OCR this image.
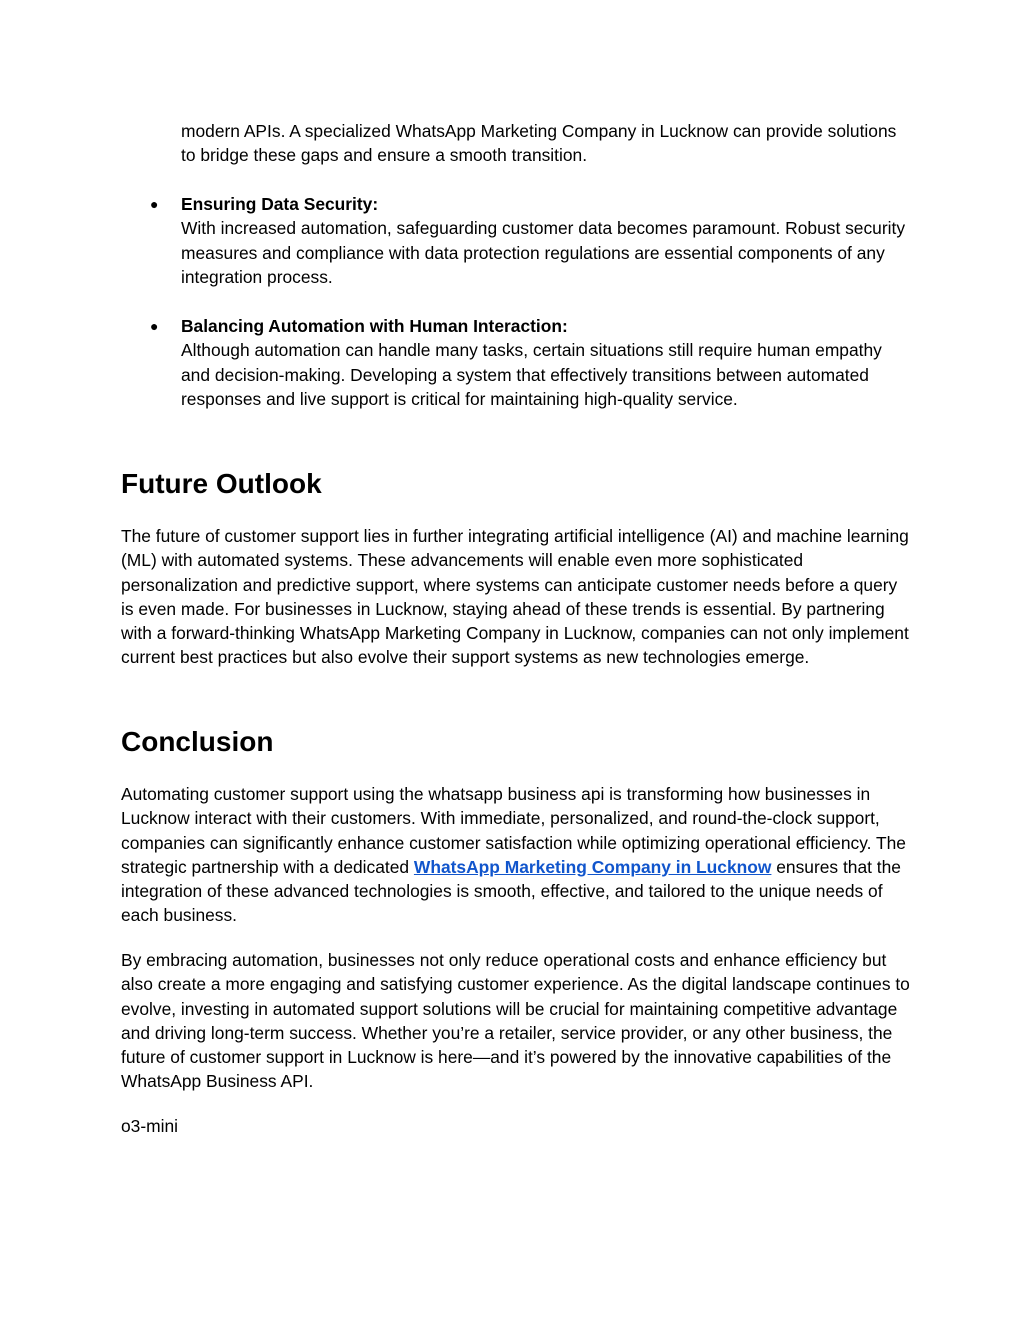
modern APIs. A specialized WhatsApp Marketing Company in Lucknow can provide solutions to bridge these gaps and ensure a smooth transition.

● Ensuring Data Security:
With increased automation, safeguarding customer data becomes paramount. Robust security measures and compliance with data protection regulations are essential components of any integration process.
● Balancing Automation with Human Interaction:
Although automation can handle many tasks, certain situations still require human empathy and decision-making. Developing a system that effectively transitions between automated responses and live support is critical for maintaining high-quality service.
Future Outlook

The future of customer support lies in further integrating artificial intelligence (AI) and machine learning (ML) with automated systems. These advancements will enable even more sophisticated personalization and predictive support, where systems can anticipate customer needs before a query is even made. For businesses in Lucknow, staying ahead of these trends is essential. By partnering with a forward-thinking WhatsApp Marketing Company in Lucknow, companies can not only implement current best practices but also evolve their support systems as new technologies emerge.

Conclusion

Automating customer support using the whatsapp business api is transforming how businesses in Lucknow interact with their customers. With immediate, personalized, and round-the-clock support, companies can significantly enhance customer satisfaction while optimizing operational efficiency. The strategic partnership with a dedicated WhatsApp Marketing Company in Lucknow ensures that the integration of these advanced technologies is smooth, effective, and tailored to the unique needs of each business.

By embracing automation, businesses not only reduce operational costs and enhance efficiency but also create a more engaging and satisfying customer experience. As the digital landscape continues to evolve, investing in automated support solutions will be crucial for maintaining competitive advantage and driving long-term success. Whether you’re a retailer, service provider, or any other business, the future of customer support in Lucknow is here—and it’s powered by the innovative capabilities of the WhatsApp Business API.

o3-mini
